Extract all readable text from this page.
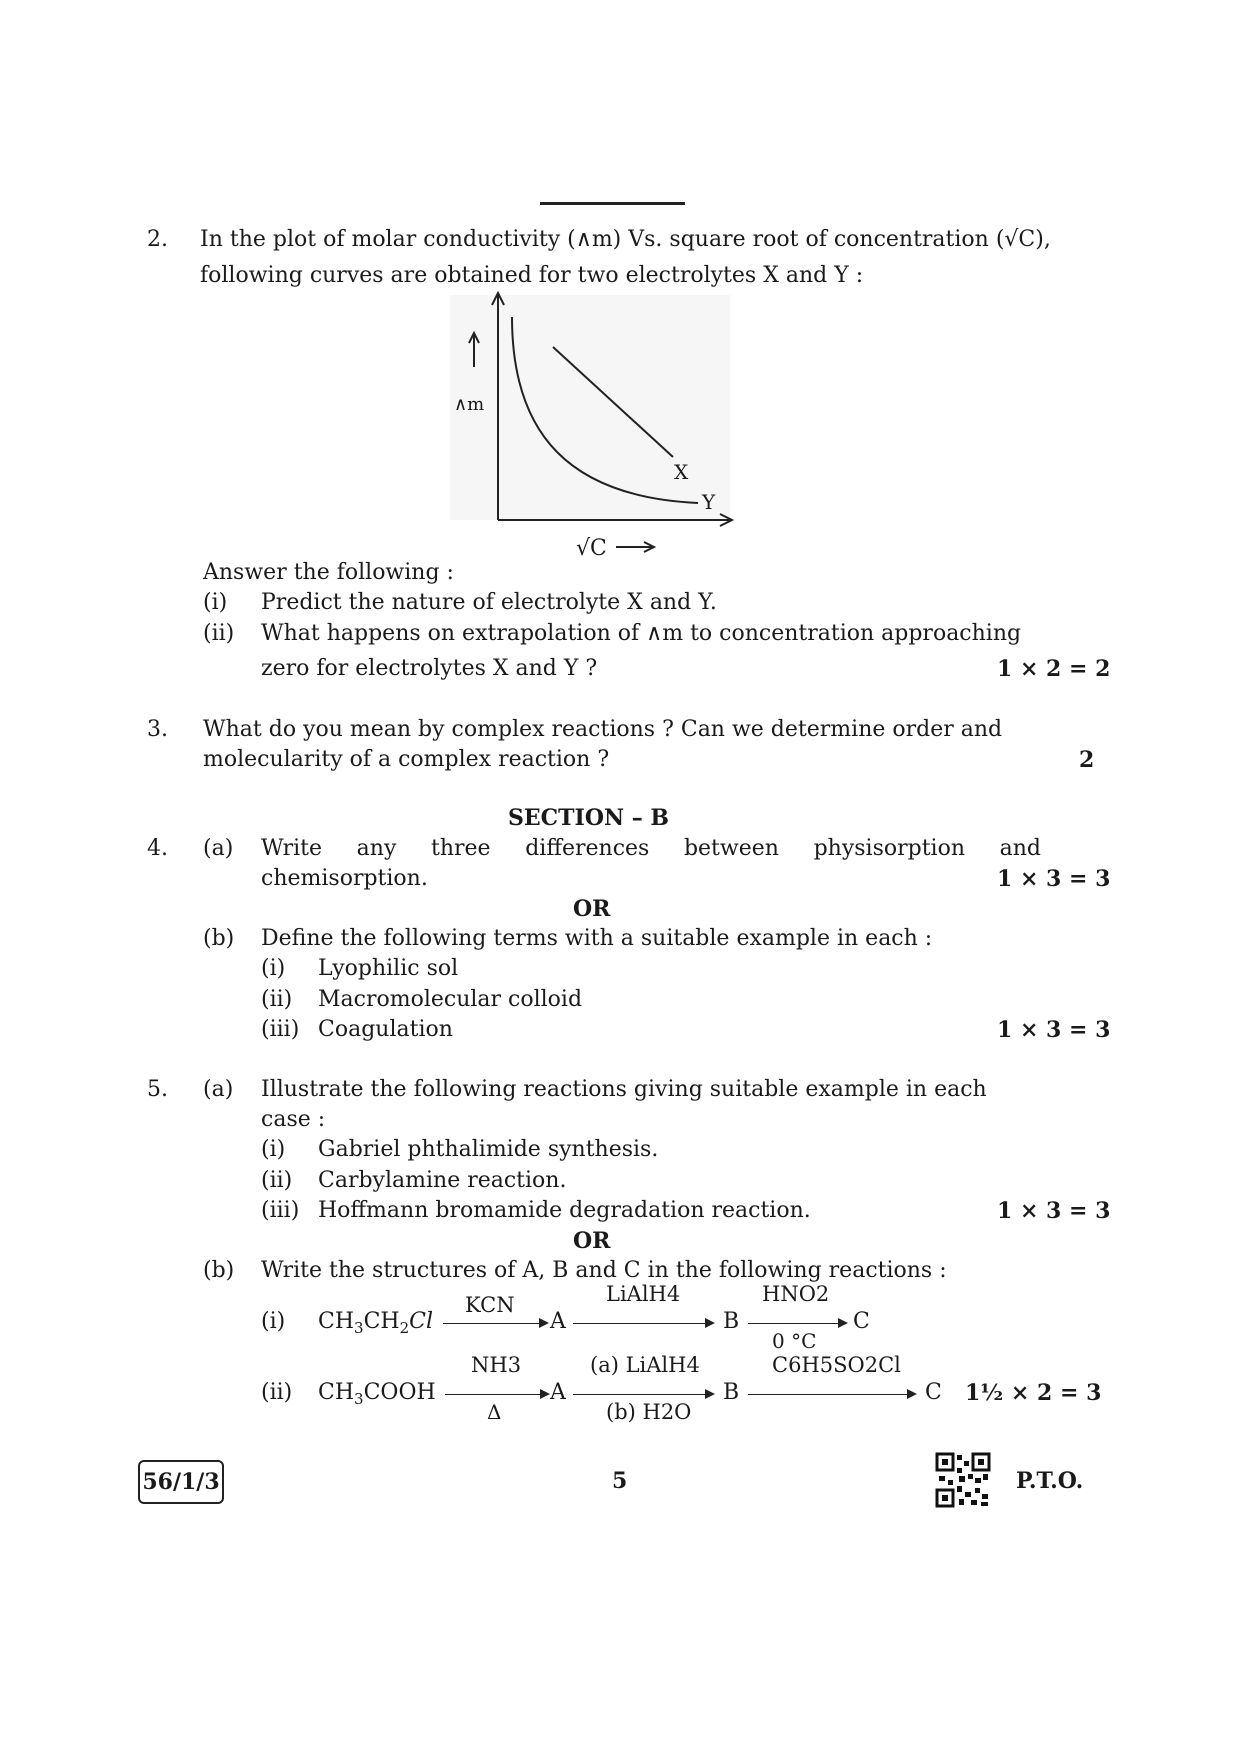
2. In the plot of molar conductivity (∧m) Vs. square root of concentration (√C),
following curves are obtained for two electrolytes X and Y :
∧m
X
Y
√C
Answer the following :
(i) Predict the nature of electrolyte X and Y.
(ii) What happens on extrapolation of ∧m to concentration approaching
zero for electrolytes X and Y ?	1 × 2 = 2
3. What do you mean by complex reactions ? Can we determine order and
molecularity of a complex reaction ?	2
SECTION – B
4. (a) Write any three differences between physisorption and
chemisorption.	1 × 3 = 3
OR
(b) Define the following terms with a suitable example in each :
(i) Lyophilic sol
(ii) Macromolecular colloid
(iii) Coagulation	1 × 3 = 3
5. (a) Illustrate the following reactions giving suitable example in each
case :
(i) Gabriel phthalimide synthesis.
(ii) Carbylamine reaction.
(iii) Hoffmann bromamide degradation reaction.	1 × 3 = 3
OR
(b) Write the structures of A, B and C in the following reactions :
(i) $CH_3CH_2Cl$
KCN
A
LiAlH4
B
HNO2
0 °C
C
(ii) $CH_3COOH$
NH3
Δ
A
(a) LiAlH4
(b) H2O
B
C6H5SO2Cl
C 1½ × 2 = 3
56/1/3	5	P.T.O.
